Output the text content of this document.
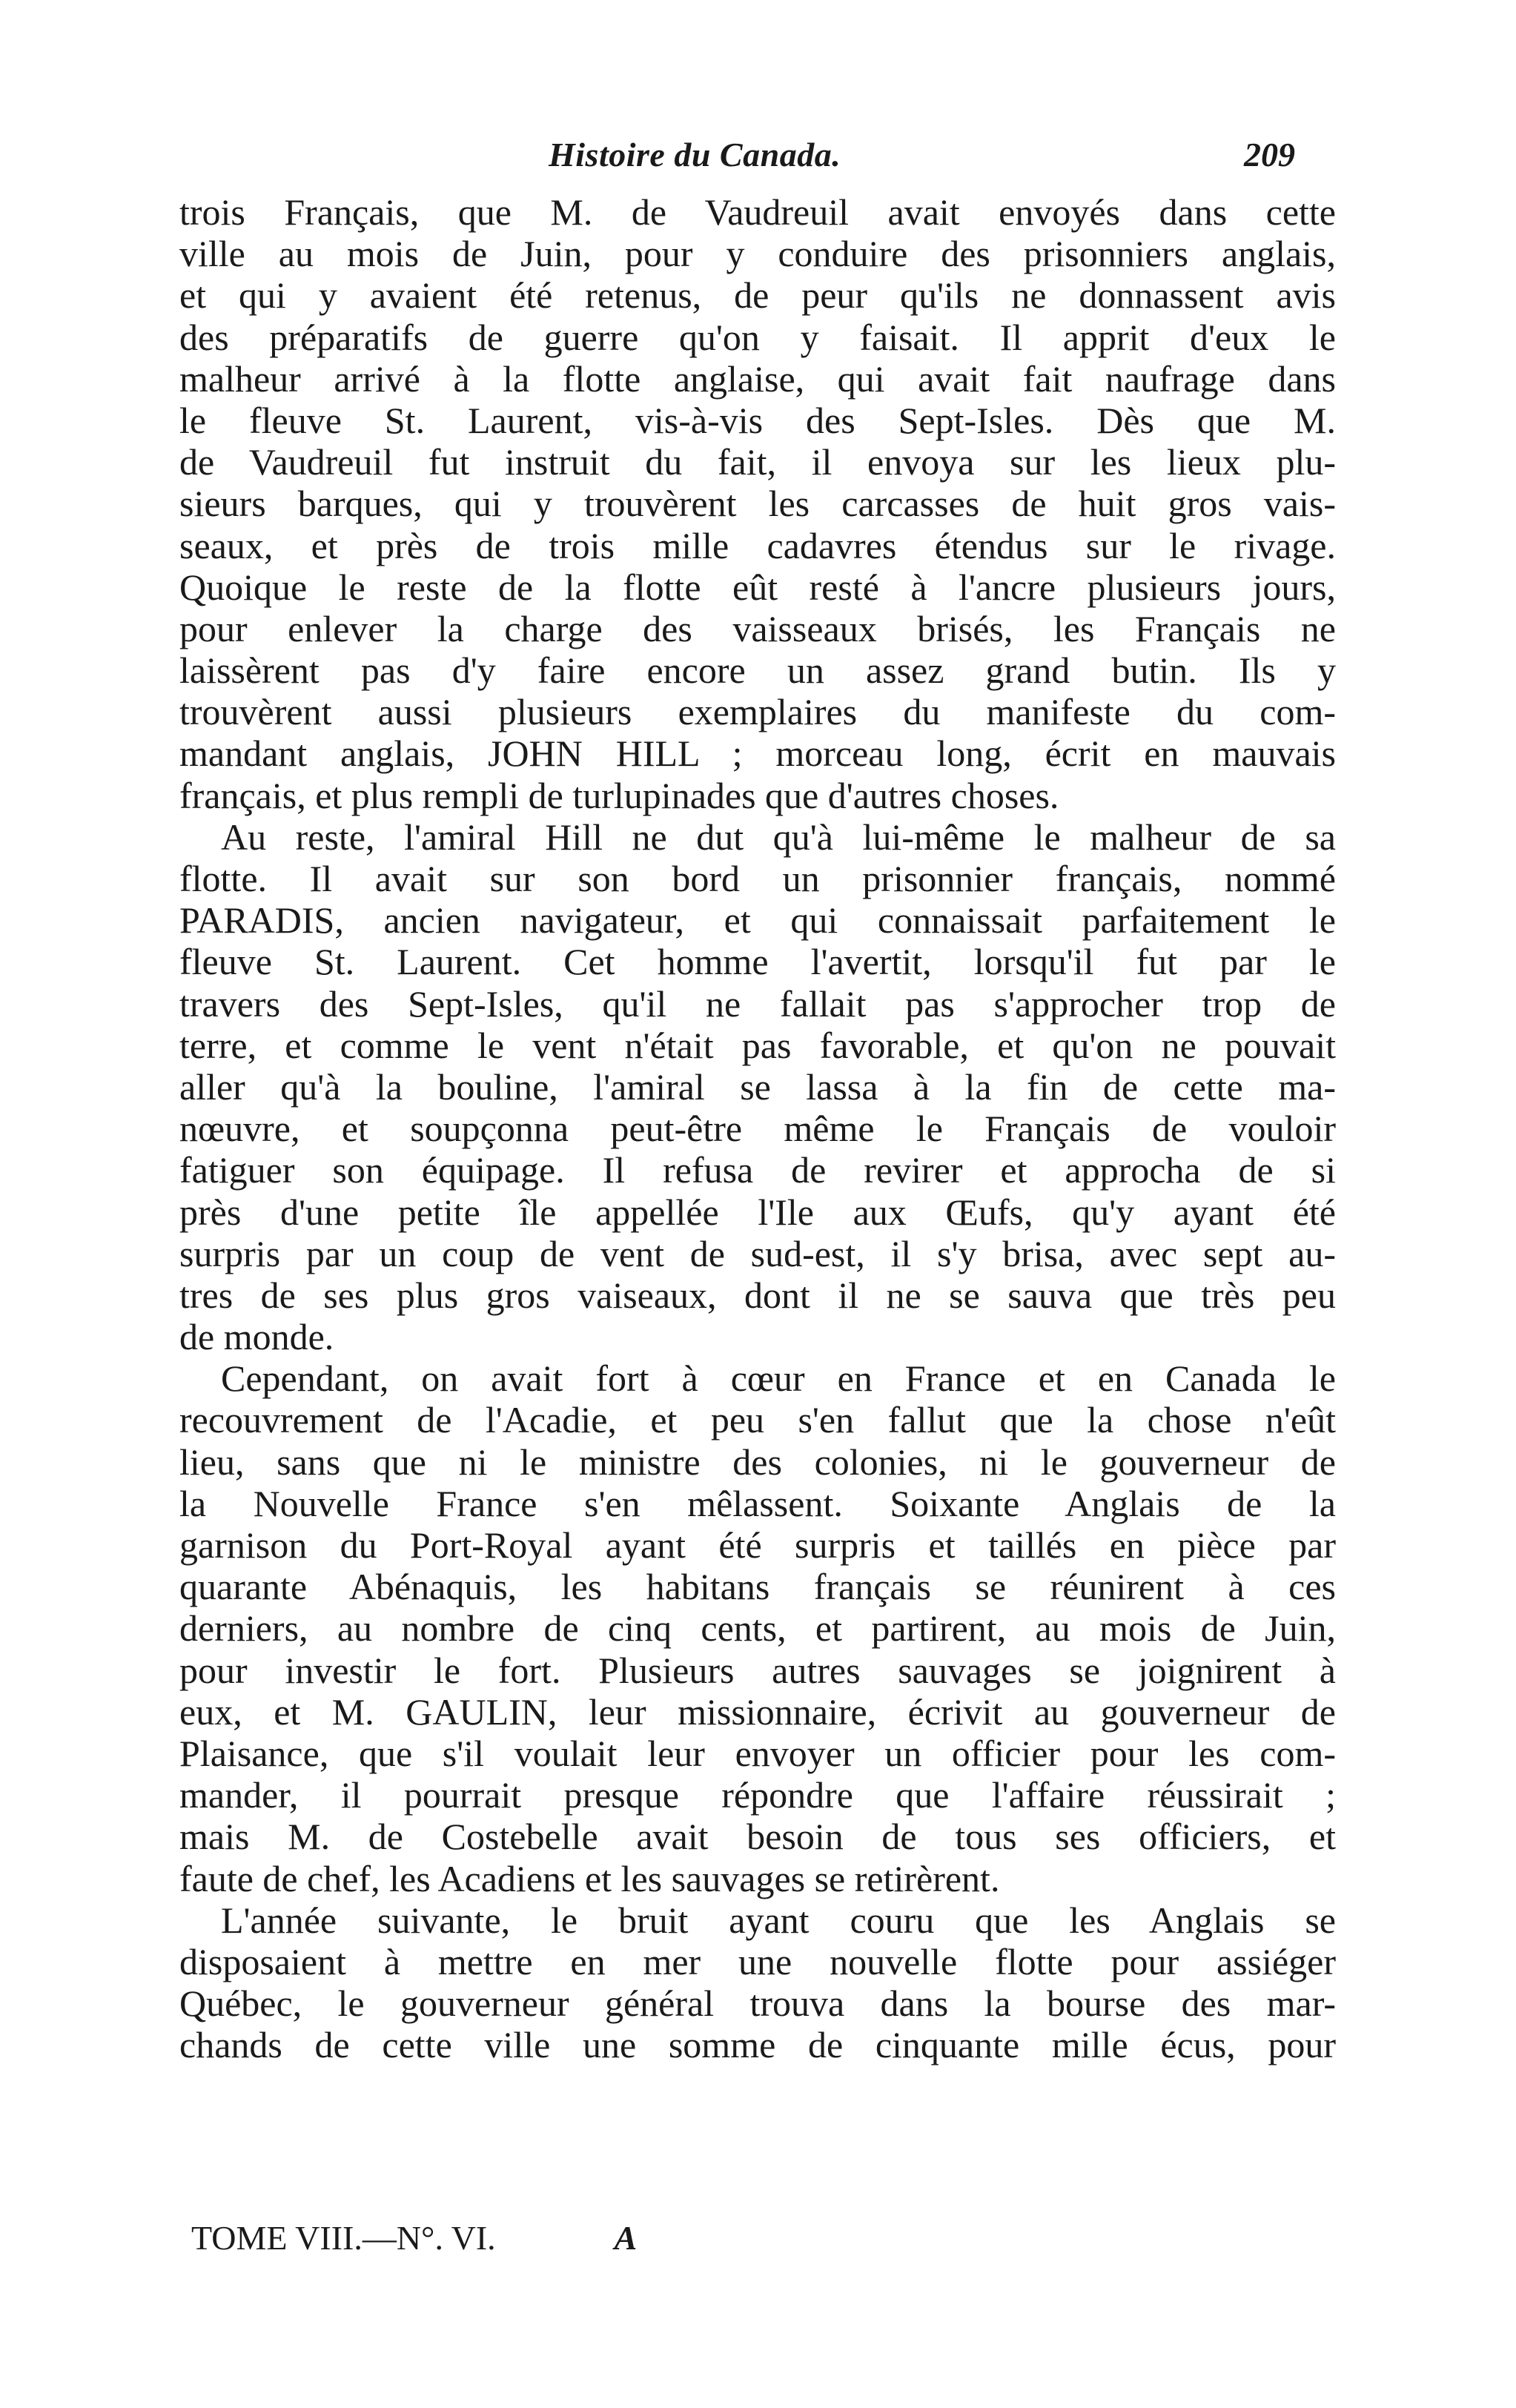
Histoire du Canada.	209
trois Français, que M. de Vaudreuil avait envoyés dans cette
ville au mois de Juin, pour y conduire des prisonniers anglais,
et qui y avaient été retenus, de peur qu'ils ne donnassent avis
des préparatifs de guerre qu'on y faisait. Il apprit d'eux le
malheur arrivé à la flotte anglaise, qui avait fait naufrage dans
le fleuve St. Laurent, vis-à-vis des Sept-Isles. Dès que M.
de Vaudreuil fut instruit du fait, il envoya sur les lieux plu-
sieurs barques, qui y trouvèrent les carcasses de huit gros vais-
seaux, et près de trois mille cadavres étendus sur le rivage.
Quoique le reste de la flotte eût resté à l'ancre plusieurs jours,
pour enlever la charge des vaisseaux brisés, les Français ne
laissèrent pas d'y faire encore un assez grand butin. Ils y
trouvèrent aussi plusieurs exemplaires du manifeste du com-
mandant anglais, JOHN HILL ; morceau long, écrit en mauvais
français, et plus rempli de turlupinades que d'autres choses.
Au reste, l'amiral Hill ne dut qu'à lui-même le malheur de sa
flotte. Il avait sur son bord un prisonnier français, nommé
PARADIS, ancien navigateur, et qui connaissait parfaitement le
fleuve St. Laurent. Cet homme l'avertit, lorsqu'il fut par le
travers des Sept-Isles, qu'il ne fallait pas s'approcher trop de
terre, et comme le vent n'était pas favorable, et qu'on ne pouvait
aller qu'à la bouline, l'amiral se lassa à la fin de cette ma-
nœuvre, et soupçonna peut-être même le Français de vouloir
fatiguer son équipage. Il refusa de revirer et approcha de si
près d'une petite île appellée l'Ile aux Œufs, qu'y ayant été
surpris par un coup de vent de sud-est, il s'y brisa, avec sept au-
tres de ses plus gros vaiseaux, dont il ne se sauva que très peu
de monde.
Cependant, on avait fort à cœur en France et en Canada le
recouvrement de l'Acadie, et peu s'en fallut que la chose n'eût
lieu, sans que ni le ministre des colonies, ni le gouverneur de
la Nouvelle France s'en mêlassent. Soixante Anglais de la
garnison du Port-Royal ayant été surpris et taillés en pièce par
quarante Abénaquis, les habitans français se réunirent à ces
derniers, au nombre de cinq cents, et partirent, au mois de Juin,
pour investir le fort. Plusieurs autres sauvages se joignirent à
eux, et M. GAULIN, leur missionnaire, écrivit au gouverneur de
Plaisance, que s'il voulait leur envoyer un officier pour les com-
mander, il pourrait presque répondre que l'affaire réussirait ;
mais M. de Costebelle avait besoin de tous ses officiers, et
faute de chef, les Acadiens et les sauvages se retirèrent.
L'année suivante, le bruit ayant couru que les Anglais se
disposaient à mettre en mer une nouvelle flotte pour assiéger
Québec, le gouverneur général trouva dans la bourse des mar-
chands de cette ville une somme de cinquante mille écus, pour
TOME VIII.—N°. VI.	A
